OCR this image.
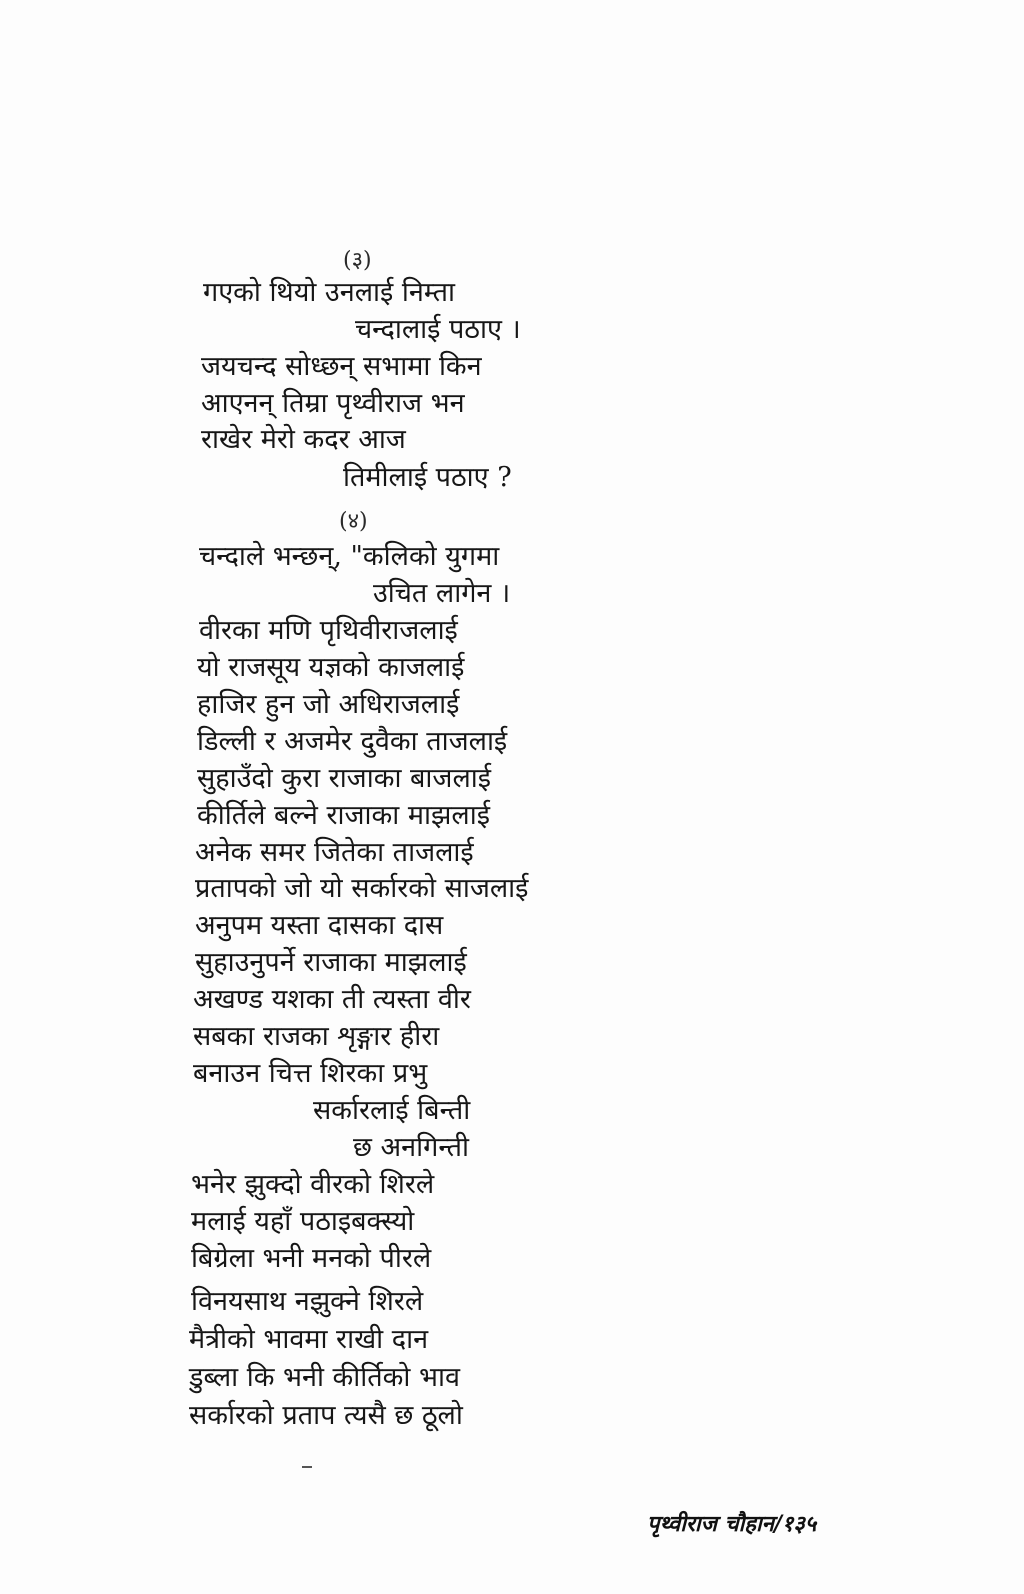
(३)
गएको थियो उनलाई निम्ता
चन्दालाई पठाए ।
जयचन्द सोध्छन् सभामा किन
आएनन् तिम्रा पृथ्वीराज भन
राखेर मेरो कदर आज
तिमीलाई पठाए ?
(४)
चन्दाले भन्छन्, "कलिको युगमा
उचित लागेन ।
वीरका मणि पृथिवीराजलाई
यो राजसूय यज्ञको काजलाई
हाजिर हुन जो अधिराजलाई
डिल्ली र अजमेर दुवैका ताजलाई
सुहाउँदो कुरा राजाका बाजलाई
कीर्तिले बल्ने राजाका माझलाई
अनेक समर जितेका ताजलाई
प्रतापको जो यो सर्कारको साजलाई
अनुपम यस्ता दासका दास
सुहाउनुपर्ने राजाका माझलाई
अखण्ड यशका ती त्यस्ता वीर
सबका राजका शृङ्गार हीरा
बनाउन चित्त शिरका प्रभु
सर्कारलाई बिन्ती
छ अनगिन्ती
भनेर झुक्दो वीरको शिरले
मलाई यहाँ पठाइबक्स्यो
बिग्रेला भनी मनको पीरले
विनयसाथ नझुक्ने शिरले
मैत्रीको भावमा राखी दान
डुब्ला कि भनी कीर्तिको भाव
सर्कारको प्रताप त्यसै छ ठूलो
पृथ्वीराज चौहान/१३५
